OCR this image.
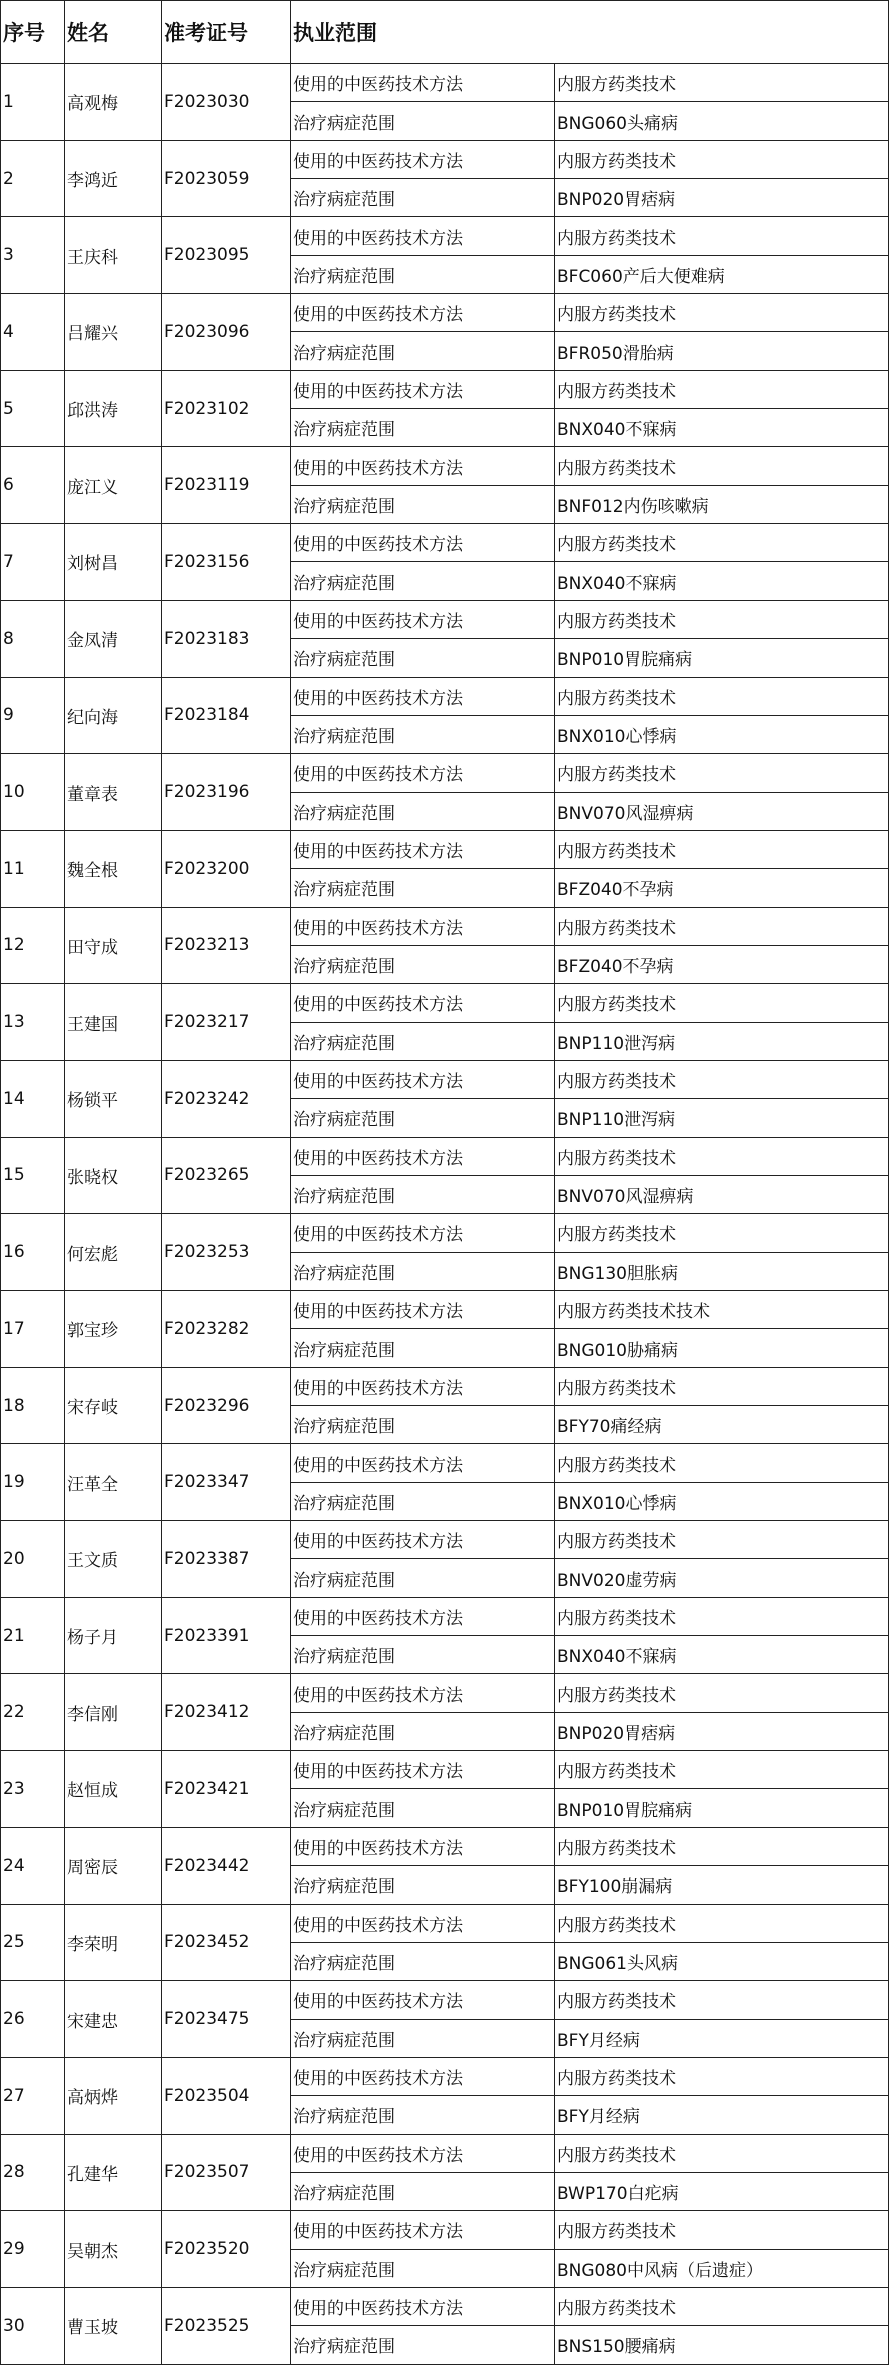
序号	姓名	准考证号	执业范围	
1	高观梅	F2023030	使用的中医药技术方法	内服方药类技术
			治疗病症范围	BNG060头痛病
2	李鸿近	F2023059	使用的中医药技术方法	内服方药类技术
			治疗病症范围	BNP020胃痞病
3	王庆科	F2023095	使用的中医药技术方法	内服方药类技术
			治疗病症范围	BFC060产后大便难病
4	吕耀兴	F2023096	使用的中医药技术方法	内服方药类技术
			治疗病症范围	BFR050滑胎病
5	邱洪涛	F2023102	使用的中医药技术方法	内服方药类技术
			治疗病症范围	BNX040不寐病
6	庞江义	F2023119	使用的中医药技术方法	内服方药类技术
			治疗病症范围	BNF012内伤咳嗽病
7	刘树昌	F2023156	使用的中医药技术方法	内服方药类技术
			治疗病症范围	BNX040不寐病
8	金凤清	F2023183	使用的中医药技术方法	内服方药类技术
			治疗病症范围	BNP010胃脘痛病
9	纪向海	F2023184	使用的中医药技术方法	内服方药类技术
			治疗病症范围	BNX010心悸病
10	董章表	F2023196	使用的中医药技术方法	内服方药类技术
			治疗病症范围	BNV070风湿痹病
11	魏全根	F2023200	使用的中医药技术方法	内服方药类技术
			治疗病症范围	BFZ040不孕病
12	田守成	F2023213	使用的中医药技术方法	内服方药类技术
			治疗病症范围	BFZ040不孕病
13	王建国	F2023217	使用的中医药技术方法	内服方药类技术
			治疗病症范围	BNP110泄泻病
14	杨锁平	F2023242	使用的中医药技术方法	内服方药类技术
			治疗病症范围	BNP110泄泻病
15	张晓权	F2023265	使用的中医药技术方法	内服方药类技术
			治疗病症范围	BNV070风湿痹病
16	何宏彪	F2023253	使用的中医药技术方法	内服方药类技术
			治疗病症范围	BNG130胆胀病
17	郭宝珍	F2023282	使用的中医药技术方法	内服方药类技术技术
			治疗病症范围	BNG010胁痛病
18	宋存岐	F2023296	使用的中医药技术方法	内服方药类技术
			治疗病症范围	BFY70痛经病
19	汪革全	F2023347	使用的中医药技术方法	内服方药类技术
			治疗病症范围	BNX010心悸病
20	王文质	F2023387	使用的中医药技术方法	内服方药类技术
			治疗病症范围	BNV020虚劳病
21	杨子月	F2023391	使用的中医药技术方法	内服方药类技术
			治疗病症范围	BNX040不寐病
22	李信刚	F2023412	使用的中医药技术方法	内服方药类技术
			治疗病症范围	BNP020胃痞病
23	赵恒成	F2023421	使用的中医药技术方法	内服方药类技术
			治疗病症范围	BNP010胃脘痛病
24	周密辰	F2023442	使用的中医药技术方法	内服方药类技术
			治疗病症范围	BFY100崩漏病
25	李荣明	F2023452	使用的中医药技术方法	内服方药类技术
			治疗病症范围	BNG061头风病
26	宋建忠	F2023475	使用的中医药技术方法	内服方药类技术
			治疗病症范围	BFY月经病
27	高炳烨	F2023504	使用的中医药技术方法	内服方药类技术
			治疗病症范围	BFY月经病
28	孔建华	F2023507	使用的中医药技术方法	内服方药类技术
			治疗病症范围	BWP170白疕病
29	吴朝杰	F2023520	使用的中医药技术方法	内服方药类技术
			治疗病症范围	BNG080中风病（后遗症）
30	曹玉坡	F2023525	使用的中医药技术方法	内服方药类技术
			治疗病症范围	BNS150腰痛病
